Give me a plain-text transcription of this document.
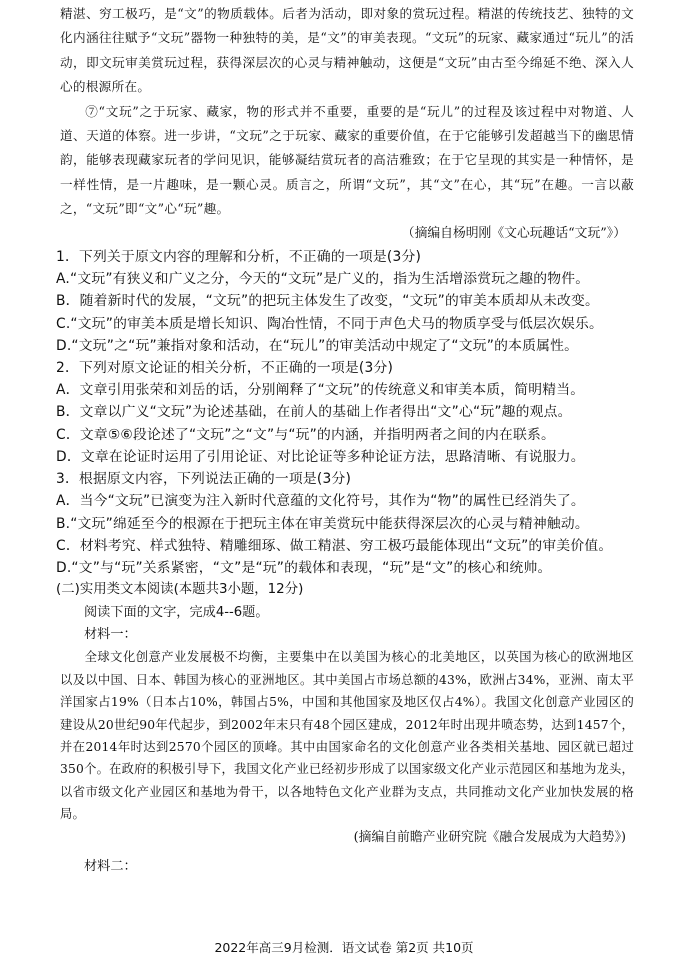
精湛、穷工极巧，是“文”的物质载体。后者为活动，即对象的赏玩过程。精湛的传统技艺、独特的文化内涵往往赋予“文玩”器物一种独特的美，是“文”的审美表现。“文玩”的玩家、藏家通过“玩儿”的活动，即文玩审美赏玩过程，获得深层次的心灵与精神触动，这便是“文玩”由古至今绵延不绝、深入人心的根源所在。

⑦“文玩”之于玩家、藏家，物的形式并不重要，重要的是“玩儿”的过程及该过程中对物道、人道、天道的体察。进一步讲，“文玩”之于玩家、藏家的重要价值，在于它能够引发超越当下的幽思情韵，能够表现藏家玩者的学问见识，能够凝结赏玩者的高洁雅致；在于它呈现的其实是一种情怀，是一样性情，是一片趣味，是一颗心灵。质言之，所谓“文玩”，其“文”在心，其“玩”在趣。一言以蔽之，“文玩”即“文”心“玩”趣。

（摘编自杨明刚《文心玩趣话“文玩”》）

1．下列关于原文内容的理解和分析，不正确的一项是(3分)

A.“文玩”有狭义和广义之分，今天的“文玩”是广义的，指为生活增添赏玩之趣的物件。

B．随着新时代的发展，“文玩”的把玩主体发生了改变，“文玩”的审美本质却从未改变。

C.“文玩”的审美本质是增长知识、陶冶性情，不同于声色犬马的物质享受与低层次娱乐。

D.“文玩”之“玩”兼指对象和活动，在“玩儿”的审美活动中规定了“文玩”的本质属性。

2．下列对原文论证的相关分析，不正确的一项是(3分)

A．文章引用张荣和刘岳的话，分别阐释了“文玩”的传统意义和审美本质，简明精当。

B．文章以广义“文玩”为论述基础，在前人的基础上作者得出“文”心“玩”趣的观点。

C．文章⑤⑥段论述了“文玩”之“文”与“玩”的内涵，并指明两者之间的内在联系。

D．文章在论证时运用了引用论证、对比论证等多种论证方法，思路清晰、有说服力。

3．根据原文内容，下列说法正确的一项是(3分)

A．当今“文玩”已演变为注入新时代意蕴的文化符号，其作为“物”的属性已经消失了。

B.“文玩”绵延至今的根源在于把玩主体在审美赏玩中能获得深层次的心灵与精神触动。

C．材料考究、样式独特、精雕细琢、做工精湛、穷工极巧最能体现出“文玩”的审美价值。

D.“文”与“玩”关系紧密，“文”是“玩”的载体和表现，“玩”是“文”的核心和统帅。

(二)实用类文本阅读(本题共3小题，12分)

阅读下面的文字，完成4--6题。

材料一：

全球文化创意产业发展极不均衡，主要集中在以美国为核心的北美地区，以英国为核心的欧洲地区以及以中国、日本、韩国为核心的亚洲地区。其中美国占市场总额的43%，欧洲占34%，亚洲、南太平洋国家占19%（日本占10%，韩国占5%，中国和其他国家及地区仅占4%）。我国文化创意产业园区的建设从20世纪90年代起步，到2002年末只有48个园区建成，2012年时出现井喷态势，达到1457个，并在2014年时达到2570个园区的顶峰。其中由国家命名的文化创意产业各类相关基地、园区就已超过350个。在政府的积极引导下，我国文化产业已经初步形成了以国家级文化产业示范园区和基地为龙头，以省市级文化产业园区和基地为骨干，以各地特色文化产业群为支点，共同推动文化产业加快发展的格局。

(摘编自前瞻产业研究院《融合发展成为大趋势》)

材料二：

2022年高三9月检测．语文试卷 第2页 共10页
